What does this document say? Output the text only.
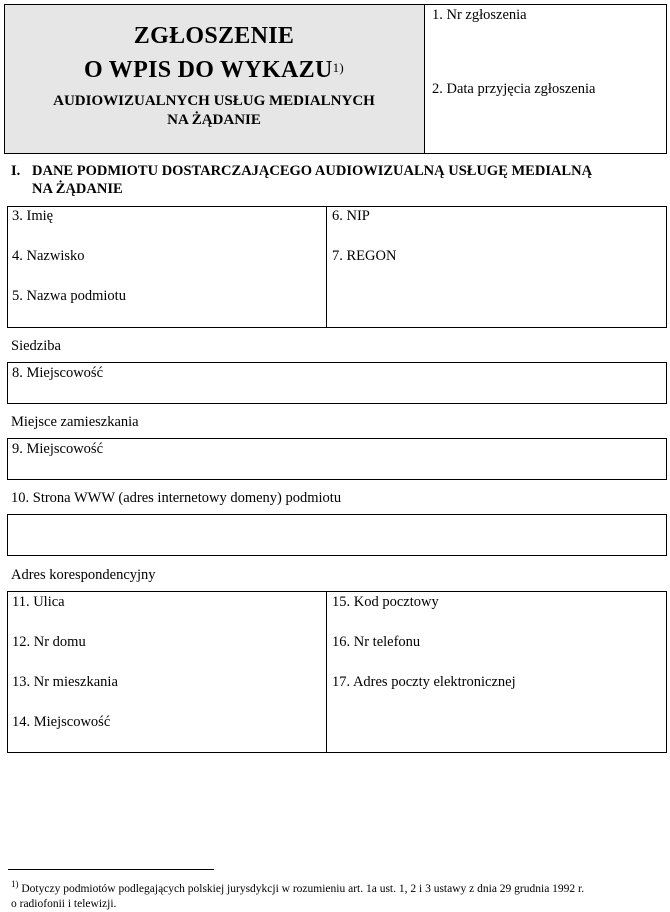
ZGŁOSZENIE
O WPIS DO WYKAZU$^{1)}$
AUDIOWIZUALNYCH USŁUG MEDIALNYCH
NA ŻĄDANIE
1. Nr zgłoszenia
2. Data przyjęcia zgłoszenia
I. DANE PODMIOTU DOSTARCZAJĄCEGO AUDIOWIZUALNĄ USŁUGĘ MEDIALNĄ
NA ŻĄDANIE
3. Imię
4. Nazwisko
5. Nazwa podmiotu
6. NIP
7. REGON
Siedziba
8. Miejscowość
Miejsce zamieszkania
9. Miejscowość
10. Strona WWW (adres internetowy domeny) podmiotu
Adres korespondencyjny
11. Ulica
12. Nr domu
13. Nr mieszkania
14. Miejscowość
15. Kod pocztowy
16. Nr telefonu
17. Adres poczty elektronicznej
$^{1)}$ Dotyczy podmiotów podlegających polskiej jurysdykcji w rozumieniu art. 1a ust. 1, 2 i 3 ustawy z dnia 29 grudnia 1992 r.
o radiofonii i telewizji.
